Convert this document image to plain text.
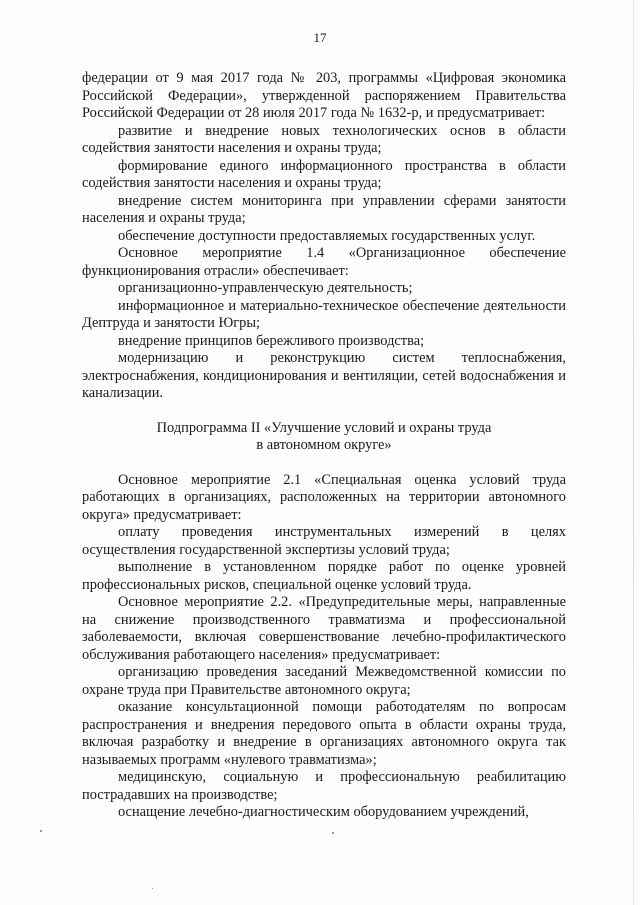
17

федерации от 9 мая 2017 года № 203, программы «Цифровая экономика Российской Федерации», утвержденной распоряжением Правительства Российской Федерации от 28 июля 2017 года № 1632-р, и предусматривает:

развитие и внедрение новых технологических основ в области содействия занятости населения и охраны труда;

формирование единого информационного пространства в области содействия занятости населения и охраны труда;

внедрение систем мониторинга при управлении сферами занятости населения и охраны труда;

обеспечение доступности предоставляемых государственных услуг.

Основное мероприятие 1.4 «Организационное обеспечение функционирования отрасли» обеспечивает:

организационно-управленческую деятельность;

информационное и материально-техническое обеспечение деятельности Дептруда и занятости Югры;

внедрение принципов бережливого производства;

модернизацию и реконструкцию систем теплоснабжения, электроснабжения, кондиционирования и вентиляции, сетей водоснабжения и канализации.

Подпрограмма II «Улучшение условий и охраны труда

в автономном округе»

Основное мероприятие 2.1 «Специальная оценка условий труда работающих в организациях, расположенных на территории автономного округа» предусматривает:

оплату проведения инструментальных измерений в целях осуществления государственной экспертизы условий труда;

выполнение в установленном порядке работ по оценке уровней профессиональных рисков, специальной оценке условий труда.

Основное мероприятие 2.2. «Предупредительные меры, направленные на снижение производственного травматизма и профессиональной заболеваемости, включая совершенствование лечебно-профилактического обслуживания работающего населения» предусматривает:

организацию проведения заседаний Межведомственной комиссии по охране труда при Правительстве автономного округа;

оказание консультационной помощи работодателям по вопросам распространения и внедрения передового опыта в области охраны труда, включая разработку и внедрение в организациях автономного округа так называемых программ «нулевого травматизма»;

медицинскую, социальную и профессиональную реабилитацию пострадавших на производстве;

оснащение лечебно-диагностическим оборудованием учреждений,
